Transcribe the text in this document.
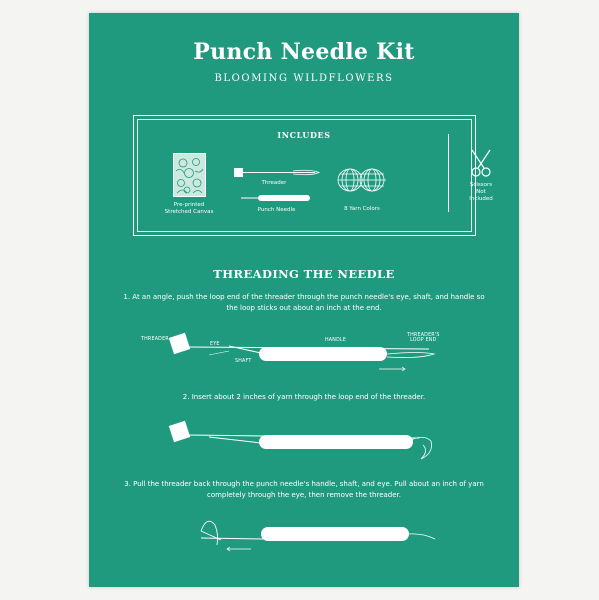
Punch Needle Kit
BLOOMING WILDFLOWERS
INCLUDES
Pre-printed
Stretched Canvas
Threader
Punch Needle	8 Yarn Colors
Scissors
Not
Included
THREADING THE NEEDLE
1. At an angle, push the loop end of the threader through the punch needle's eye, shaft, and handle so the loop sticks out about an inch at the end.
THREADER
EYE
SHAFT
HANDLE
THREADER'S
LOOP END
2. Insert about 2 inches of yarn through the loop end of the threader.
3. Pull the threader back through the punch needle's handle, shaft, and eye. Pull about an inch of yarn completely through the eye, then remove the threader.
